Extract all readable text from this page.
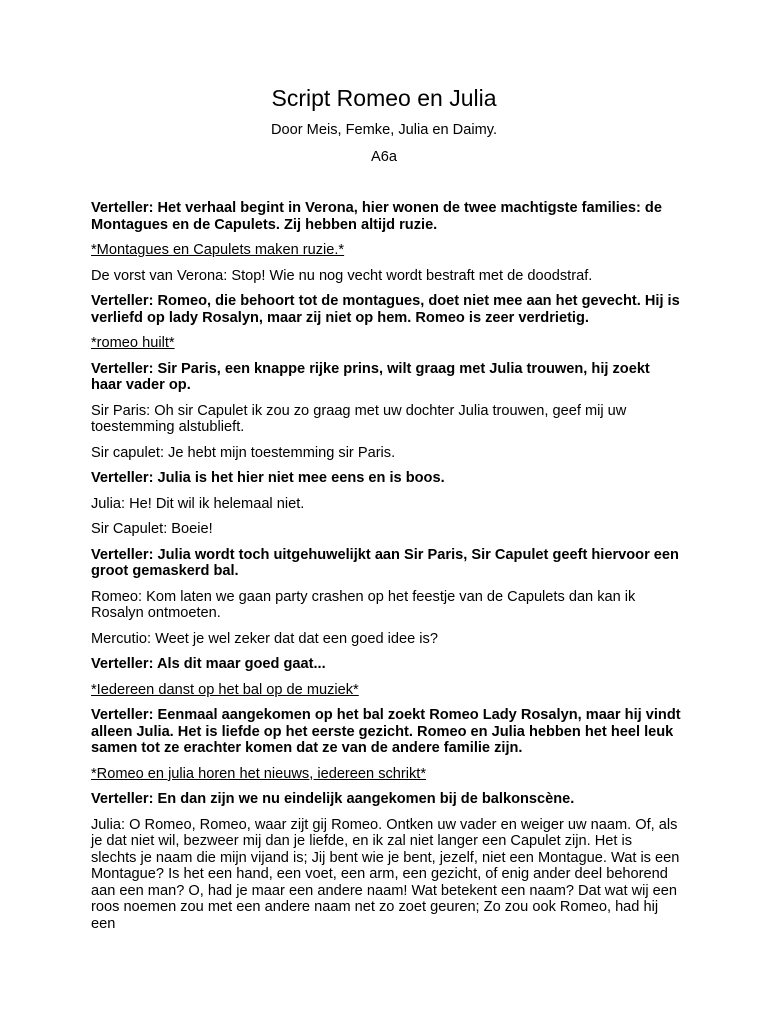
Script Romeo en Julia
Door Meis, Femke, Julia en Daimy.
A6a

Verteller: Het verhaal begint in Verona, hier wonen de twee machtigste families: de Montagues en de Capulets. Zij hebben altijd ruzie.

*Montagues en Capulets maken ruzie.*

De vorst van Verona: Stop! Wie nu nog vecht wordt bestraft met de doodstraf.

Verteller: Romeo, die behoort tot de montagues, doet niet mee aan het gevecht. Hij is verliefd op lady Rosalyn, maar zij niet op hem. Romeo is zeer verdrietig.

*romeo huilt*

Verteller: Sir Paris, een knappe rijke prins, wilt graag met Julia trouwen, hij zoekt haar vader op.

Sir Paris: Oh sir Capulet ik zou zo graag met uw dochter Julia trouwen, geef mij uw toestemming alstublieft.

Sir capulet: Je hebt mijn toestemming sir Paris.

Verteller: Julia is het hier niet mee eens en is boos.

Julia: He! Dit wil ik helemaal niet.

Sir Capulet: Boeie!

Verteller: Julia wordt toch uitgehuwelijkt aan Sir Paris, Sir Capulet geeft hiervoor een groot gemaskerd bal.

Romeo: Kom laten we gaan party crashen op het feestje van de Capulets dan kan ik Rosalyn ontmoeten.

Mercutio: Weet je wel zeker dat dat een goed idee is?

Verteller: Als dit maar goed gaat...

*Iedereen danst op het bal op de muziek*

Verteller: Eenmaal aangekomen op het bal zoekt Romeo Lady Rosalyn, maar hij vindt alleen Julia. Het is liefde op het eerste gezicht. Romeo en Julia hebben het heel leuk samen tot ze erachter komen dat ze van de andere familie zijn.

*Romeo en julia horen het nieuws, iedereen schrikt*

Verteller: En dan zijn we nu eindelijk aangekomen bij de balkonscène.

Julia: O Romeo, Romeo, waar zijt gij Romeo. Ontken uw vader en weiger uw naam. Of, als je dat niet wil, bezweer mij dan je liefde, en ik zal niet langer een Capulet zijn. Het is slechts je naam die mijn vijand is; Jij bent wie je bent, jezelf, niet een Montague. Wat is een Montague? Is het een hand, een voet, een arm, een gezicht, of enig ander deel behorend aan een man? O, had je maar een andere naam! Wat betekent een naam? Dat wat wij een roos noemen zou met een andere naam net zo zoet geuren; Zo zou ook Romeo, had hij een
